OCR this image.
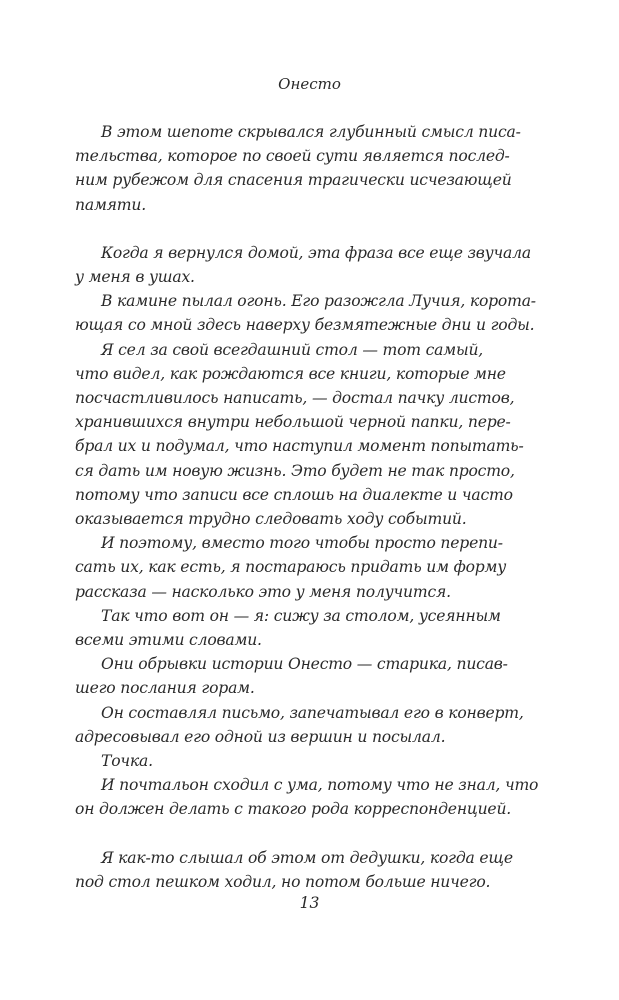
Онесто
В этом шепоте скрывался глубинный смысл писа-
тельства, которое по своей сути является послед-
ним рубежом для спасения трагически исчезающей
памяти.
Когда я вернулся домой, эта фраза все еще звучала
у меня в ушах.
В камине пылал огонь. Его разожгла Лучия, корота-
ющая со мной здесь наверху безмятежные дни и годы.
Я сел за свой всегдашний стол — тот самый,
что видел, как рождаются все книги, которые мне
посчастливилось написать, — достал пачку листов,
хранившихся внутри небольшой черной папки, пере-
брал их и подумал, что наступил момент попытать-
ся дать им новую жизнь. Это будет не так просто,
потому что записи все сплошь на диалекте и часто
оказывается трудно следовать ходу событий.
И поэтому, вместо того чтобы просто перепи-
сать их, как есть, я постараюсь придать им форму
рассказа — насколько это у меня получится.
Так что вот он — я: сижу за столом, усеянным
всеми этими словами.
Они обрывки истории Онесто — старика, писав-
шего послания горам.
Он составлял письмо, запечатывал его в конверт,
адресовывал его одной из вершин и посылал.
Точка.
И почтальон сходил с ума, потому что не знал, что
он должен делать с такого рода корреспонденцией.
Я как-то слышал об этом от дедушки, когда еще
под стол пешком ходил, но потом больше ничего.
13
